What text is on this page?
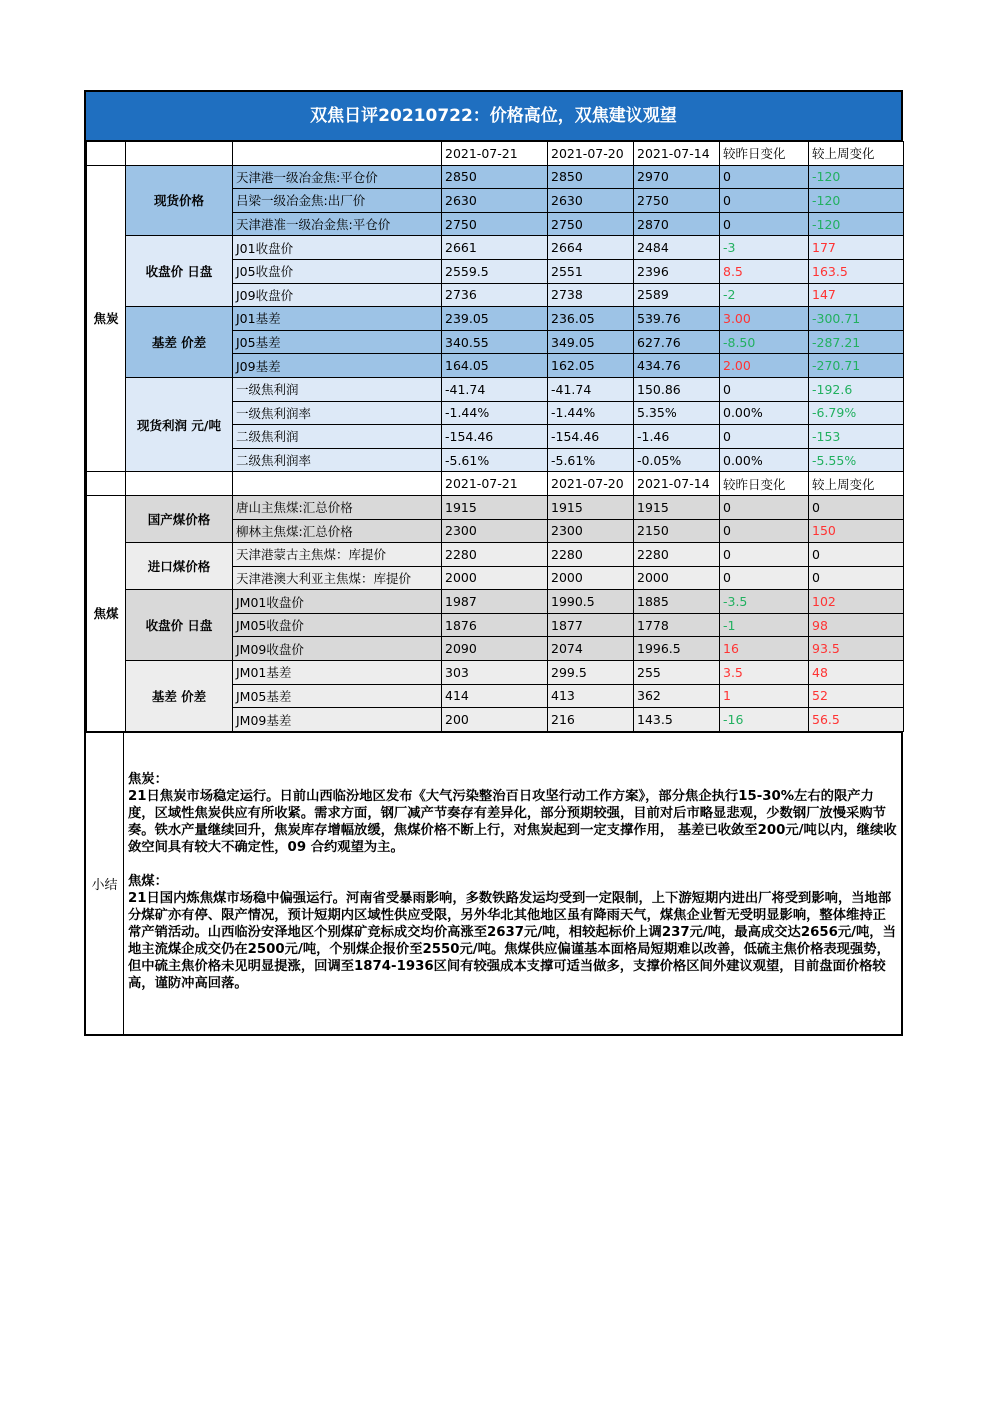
双焦日评20210722：价格高位，双焦建议观望
			2021-07-21	2021-07-20	2021-07-14	较昨日变化	较上周变化
焦炭	现货价格	天津港一级冶金焦:平仓价	2850	2850	2970	0	-120
		吕梁一级冶金焦:出厂价	2630	2630	2750	0	-120
		天津港准一级冶金焦:平仓价	2750	2750	2870	0	-120
	收盘价 日盘	J01收盘价	2661	2664	2484	-3	177
		J05收盘价	2559.5	2551	2396	8.5	163.5
		J09收盘价	2736	2738	2589	-2	147
	基差 价差	J01基差	239.05	236.05	539.76	3.00	-300.71
		J05基差	340.55	349.05	627.76	-8.50	-287.21
		J09基差	164.05	162.05	434.76	2.00	-270.71
	现货利润 元/吨	一级焦利润	-41.74	-41.74	150.86	0	-192.6
		一级焦利润率	-1.44%	-1.44%	5.35%	0.00%	-6.79%
		二级焦利润	-154.46	-154.46	-1.46	0	-153
		二级焦利润率	-5.61%	-5.61%	-0.05%	0.00%	-5.55%
			2021-07-21	2021-07-20	2021-07-14	较昨日变化	较上周变化
焦煤	国产煤价格	唐山主焦煤:汇总价格	1915	1915	1915	0	0
		柳林主焦煤:汇总价格	2300	2300	2150	0	150
	进口煤价格	天津港蒙古主焦煤：库提价	2280	2280	2280	0	0
		天津港澳大利亚主焦煤：库提价	2000	2000	2000	0	0
	收盘价 日盘	JM01收盘价	1987	1990.5	1885	-3.5	102
		JM05收盘价	1876	1877	1778	-1	98
		JM09收盘价	2090	2074	1996.5	16	93.5
	基差 价差	JM01基差	303	299.5	255	3.5	48
		JM05基差	414	413	362	1	52
		JM09基差	200	216	143.5	-16	56.5
小结

焦炭：

21日焦炭市场稳定运行。日前山西临汾地区发布《大气污染整治百日攻坚行动工作方案》，部分焦企执行15-30%左右的限产力度，区域性焦炭供应有所收紧。需求方面，钢厂减产节奏存有差异化，部分预期较强，目前对后市略显悲观，少数钢厂放慢采购节奏。铁水产量继续回升，焦炭库存增幅放缓，焦煤价格不断上行，对焦炭起到一定支撑作用， 基差已收敛至200元/吨以内，继续收敛空间具有较大不确定性，09 合约观望为主。

焦煤：

21日国内炼焦煤市场稳中偏强运行。河南省受暴雨影响，多数铁路发运均受到一定限制，上下游短期内进出厂将受到影响，当地部分煤矿亦有停、限产情况，预计短期内区域性供应受限，另外华北其他地区虽有降雨天气，煤焦企业暂无受明显影响，整体维持正常产销活动。山西临汾安泽地区个别煤矿竞标成交均价高涨至2637元/吨，相较起标价上调237元/吨，最高成交达2656元/吨，当地主流煤企成交仍在2500元/吨，个别煤企报价至2550元/吨。焦煤供应偏谨基本面格局短期难以改善，低硫主焦价格表现强势，但中硫主焦价格未见明显提涨，回调至1874-1936区间有较强成本支撑可适当做多，支撑价格区间外建议观望，目前盘面价格较高，谨防冲高回落。
